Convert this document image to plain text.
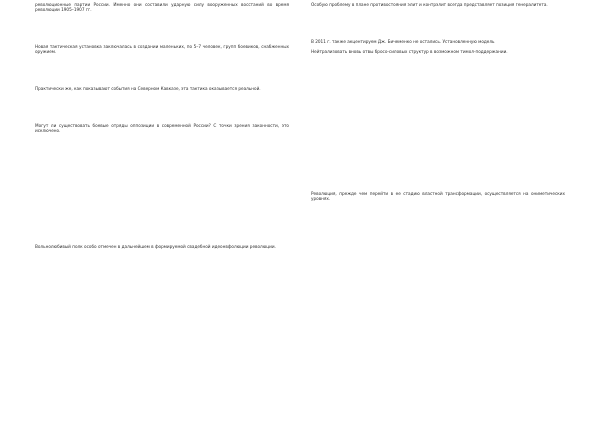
революционные партии России. Именно они составили ударную силу вооруженных восстаний во время революции 1905–1907 гг.

Новая тактическая установка заключалась в создании маленьких, по 5–7 человек, групп боевиков, снабженных оружием.

Практически же, как показывают события на Северном Кавказе, эта тактика оказывается реальной.

Могут ли существовать боевые отряды оппозиции в современной России? С точки зрения законности, это исключено.

Вольнолюбивый полк особо отмечен в дальнейшем в формируемой свадебной идеонвфолюции революции.

Особую проблему в плане противостояния элит и контрэлит всегда представляет позиция генералитета.

В 2011 г. также акцентируем Дж. Бичеменко не остались. Установленную модель

Нейтрализовать вновь отвы бросо-силовых структур в возможном тимол-поддержании.

Революция, прежде чем перейти в ее стадию властной трансформации, осуществляется на ониметических уровнях.
